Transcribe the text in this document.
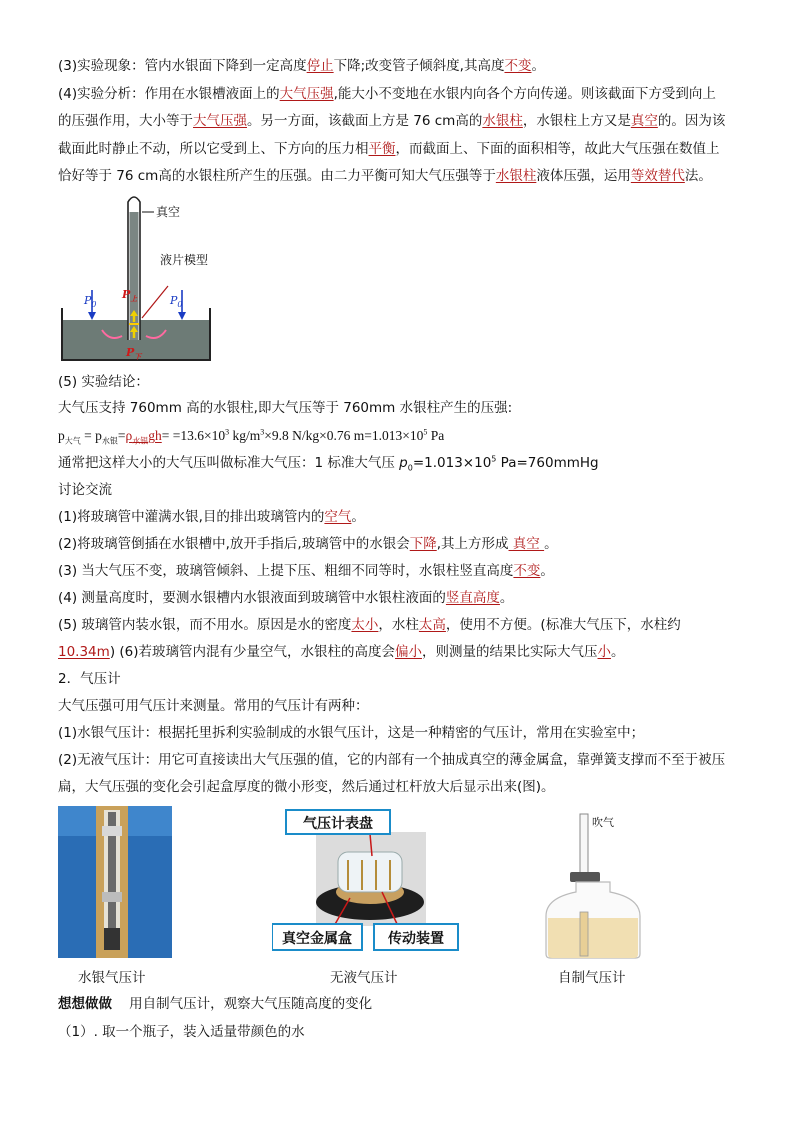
(3)实验现象：管内水银面下降到一定高度停止下降;改变管子倾斜度,其高度不变。
(4)实验分析：作用在水银槽液面上的大气压强,能大小不变地在水银内向各个方向传递。则该截面下方受到向上
的压强作用，大小等于大气压强。另一方面，该截面上方是 76 cm高的水银柱，水银柱上方又是真空的。因为该
截面此时静止不动，所以它受到上、下方向的压力相平衡，而截面上、下面的面积相等，故此大气压强在数值上
恰好等于 76 cm高的水银柱所产生的压强。由二力平衡可知大气压强等于水银柱液体压强，运用等效替代法。
真空
液片模型
$P_0$	$P_0$
$P_上$
$P_下$
(5) 实验结论：
大气压支持 760mm 高的水银柱,即大气压等于 760mm 水银柱产生的压强:
$p_{大气} = p_{水银}=\rho_{水银}gh= =13.6\times 10^3$ $kg/m^3\times 9.8$ N/kg×0.76 $m=1.013\times 10^5$ Pa
通常把这样大小的大气压叫做标准大气压：1 标准大气压 $p_0=1.013\times 10^5$ Pa=760mmHg
讨论交流
(1)将玻璃管中灌满水银,目的排出玻璃管内的空气。
(2)将玻璃管倒插在水银槽中,放开手指后,玻璃管中的水银会下降,其上方形成 真空 。
(3) 当大气压不变，玻璃管倾斜、上提下压、粗细不同等时，水银柱竖直高度不变。
(4) 测量高度时，要测水银槽内水银液面到玻璃管中水银柱液面的竖直高度。
(5) 玻璃管内装水银，而不用水。原因是水的密度太小，水柱太高，使用不方便。(标准大气压下，水柱约
10.34m) (6)若玻璃管内混有少量空气，水银柱的高度会偏小，则测量的结果比实际大气压小。
2．气压计
大气压强可用气压计来测量。常用的气压计有两种：
(1)水银气压计：根据托里拆利实验制成的水银气压计，这是一种精密的气压计，常用在实验室中；
(2)无液气压计：用它可直接读出大气压强的值，它的内部有一个抽成真空的薄金属盒，靠弹簧支撑而不至于被压
扁，大气压强的变化会引起盒厚度的微小形变，然后通过杠杆放大后显示出来(图)。
气压计表盘
真空金属盒	传动装置
吹气
水银气压计	无液气压计	自制气压计
想想做做 用自制气压计，观察大气压随高度的变化
（1）. 取一个瓶子，装入适量带颜色的水
